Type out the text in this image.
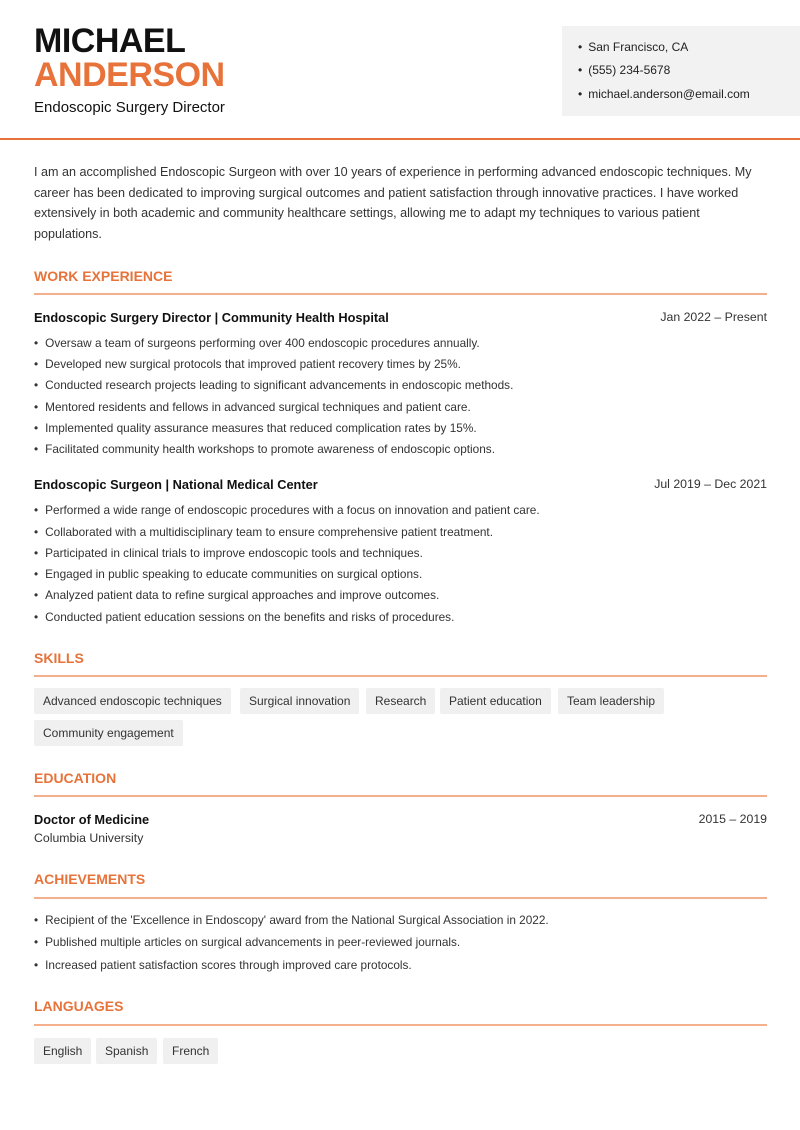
MICHAEL
ANDERSON
Endoscopic Surgery Director
• San Francisco, CA
• (555) 234-5678
• michael.anderson@email.com

I am an accomplished Endoscopic Surgeon with over 10 years of experience in performing advanced endoscopic techniques. My career has been dedicated to improving surgical outcomes and patient satisfaction through innovative practices. I have worked extensively in both academic and community healthcare settings, allowing me to adapt my techniques to various patient populations.

WORK EXPERIENCE
Endoscopic Surgery Director | Community Health Hospital	Jan 2022 – Present
• Oversaw a team of surgeons performing over 400 endoscopic procedures annually.
• Developed new surgical protocols that improved patient recovery times by 25%.
• Conducted research projects leading to significant advancements in endoscopic methods.
• Mentored residents and fellows in advanced surgical techniques and patient care.
• Implemented quality assurance measures that reduced complication rates by 15%.
• Facilitated community health workshops to promote awareness of endoscopic options.
Endoscopic Surgeon | National Medical Center	Jul 2019 – Dec 2021
• Performed a wide range of endoscopic procedures with a focus on innovation and patient care.
• Collaborated with a multidisciplinary team to ensure comprehensive patient treatment.
• Participated in clinical trials to improve endoscopic tools and techniques.
• Engaged in public speaking to educate communities on surgical options.
• Analyzed patient data to refine surgical approaches and improve outcomes.
• Conducted patient education sessions on the benefits and risks of procedures.
SKILLS
Advanced endoscopic techniques	Surgical innovation	Research	Patient education	Team leadership
Community engagement
EDUCATION
Doctor of Medicine	2015 – 2019
Columbia University
ACHIEVEMENTS
• Recipient of the 'Excellence in Endoscopy' award from the National Surgical Association in 2022.
• Published multiple articles on surgical advancements in peer-reviewed journals.
• Increased patient satisfaction scores through improved care protocols.
LANGUAGES
English	Spanish	French
